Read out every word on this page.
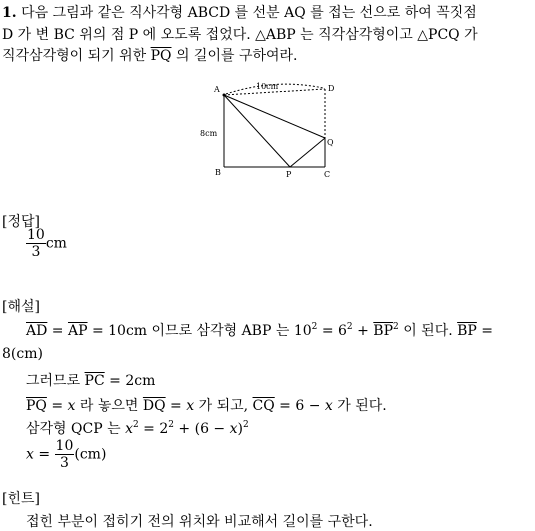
1. 다음 그림과 같은 직사각형 ABCD 를 선분 AQ 를 접는 선으로 하여 꼭짓점
D 가 변 BC 위의 점 P 에 오도록 접었다. △ABP 는 직각삼각형이고 △PCQ 가
직각삼각형이 되기 위한 $\overline{PQ}$ 의 길이를 구하여라.
A	D
B	C
P
Q
10cm
8cm
[정답]
$\frac{10}{3}$ cm
[해설]
$\overline{AD} = \overline{AP} = 10cm$ 이므로 삼각형 ABP 는 $10^2 = 6^2 + \overline{BP}^2$ 이 된다. $\overline{BP}$ =
8(cm)
그러므로 $\overline{PC} = 2cm$
$\overline{PQ} = x$ 라 놓으면 $\overline{DQ} = x$ 가 되고, $\overline{CQ} = 6 - x$ 가 된다.
삼각형 QCP 는 $x^2 = 2^2 + (6 - x)^2$
$x = \frac{10}{3} (cm)$
[힌트]
접힌 부분이 접히기 전의 위치와 비교해서 길이를 구한다.
